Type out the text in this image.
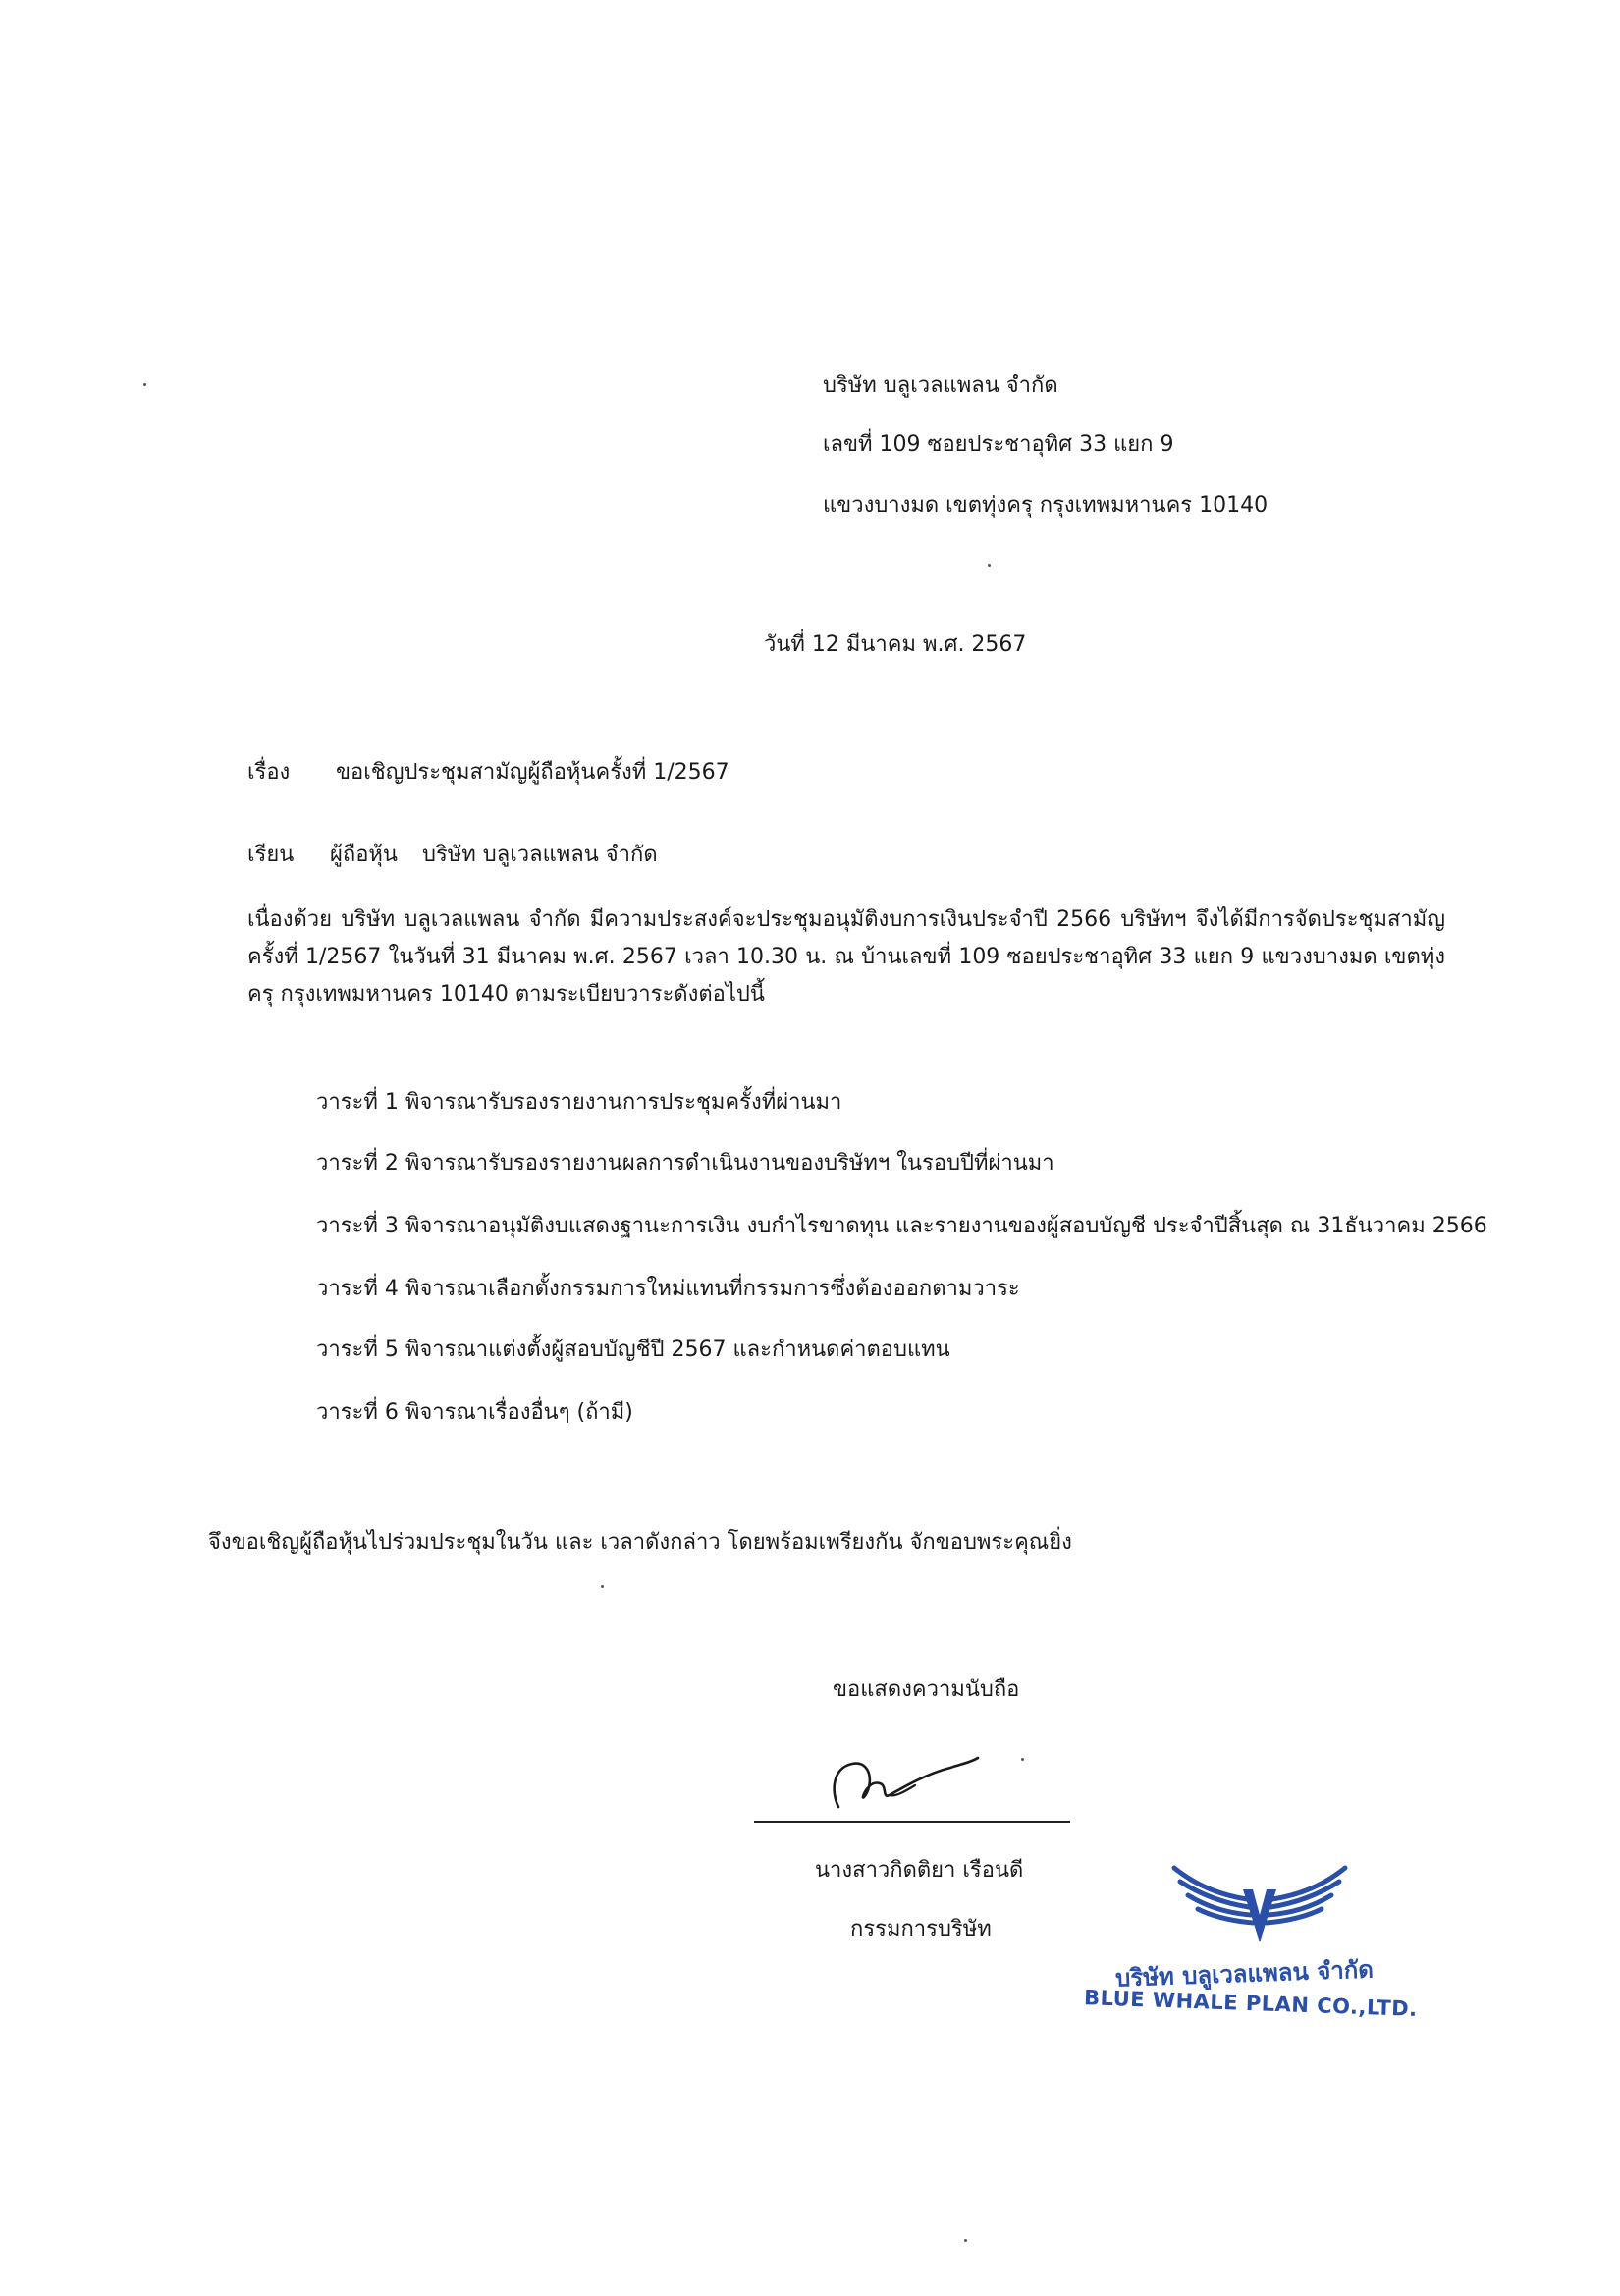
บริษัท บลูเวลแพลน จำกัด
เลขที่ 109 ซอยประชาอุทิศ 33 แยก 9
แขวงบางมด เขตทุ่งครุ กรุงเทพมหานคร 10140
วันที่ 12 มีนาคม พ.ศ. 2567
เรื่อง ขอเชิญประชุมสามัญผู้ถือหุ้นครั้งที่ 1/2567
เรียน ผู้ถือหุ้น บริษัท บลูเวลแพลน จำกัด
เนื่องด้วย บริษัท บลูเวลแพลน จำกัด มีความประสงค์จะประชุมอนุมัติงบการเงินประจำปี 2566 บริษัทฯ จึงได้มีการจัดประชุมสามัญครั้งที่ 1/2567 ในวันที่ 31 มีนาคม พ.ศ. 2567 เวลา 10.30 น. ณ บ้านเลขที่ 109 ซอยประชาอุทิศ 33 แยก 9 แขวงบางมด เขตทุ่งครุ กรุงเทพมหานคร 10140 ตามระเบียบวาระดังต่อไปนี้
วาระที่ 1 พิจารณารับรองรายงานการประชุมครั้งที่ผ่านมา
วาระที่ 2 พิจารณารับรองรายงานผลการดำเนินงานของบริษัทฯ ในรอบปีที่ผ่านมา
วาระที่ 3 พิจารณาอนุมัติงบแสดงฐานะการเงิน งบกำไรขาดทุน และรายงานของผู้สอบบัญชี ประจำปีสิ้นสุด ณ 31ธันวาคม 2566
วาระที่ 4 พิจารณาเลือกตั้งกรรมการใหม่แทนที่กรรมการซึ่งต้องออกตามวาระ
วาระที่ 5 พิจารณาแต่งตั้งผู้สอบบัญชีปี 2567 และกำหนดค่าตอบแทน
วาระที่ 6 พิจารณาเรื่องอื่นๆ (ถ้ามี)
จึงขอเชิญผู้ถือหุ้นไปร่วมประชุมในวัน และ เวลาดังกล่าว โดยพร้อมเพรียงกัน จักขอบพระคุณยิ่ง
ขอแสดงความนับถือ
นางสาวกิดติยา เรือนดี
กรรมการบริษัท
บริษัท บลูเวลแพลน จำกัด
BLUE WHALE PLAN CO.,LTD.
